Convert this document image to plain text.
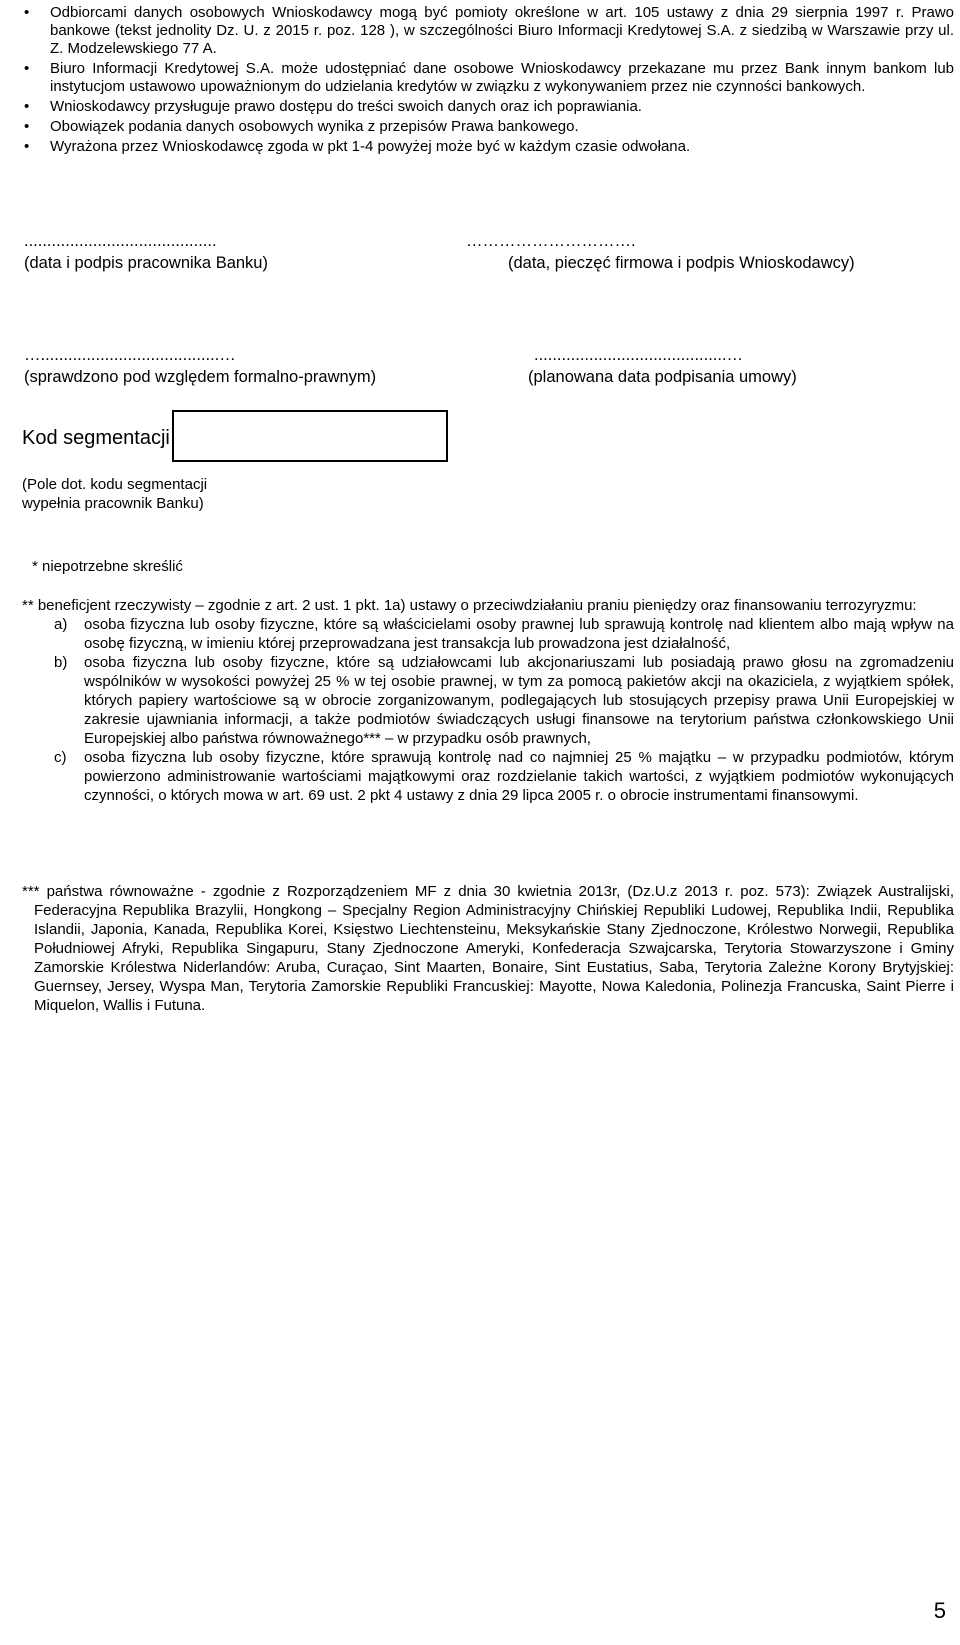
• Odbiorcami danych osobowych Wnioskodawcy mogą być pomioty określone w art. 105 ustawy z dnia 29 sierpnia 1997 r. Prawo bankowe (tekst jednolity Dz. U. z 2015 r. poz. 128 ), w szczególności Biuro Informacji Kredytowej S.A. z siedzibą w Warszawie przy ul. Z. Modzelewskiego 77 A.
• Biuro Informacji Kredytowej S.A. może udostępniać dane osobowe Wnioskodawcy przekazane mu przez Bank innym bankom lub instytucjom ustawowo upoważnionym do udzielania kredytów w związku z wykonywaniem przez nie czynności bankowych.
• Wnioskodawcy przysługuje prawo dostępu do treści swoich danych oraz ich poprawiania.
• Obowiązek podania danych osobowych wynika z przepisów Prawa bankowego.
• Wyrażona przez Wnioskodawcę zgoda w pkt 1-4 powyżej może być w każdym czasie odwołana.
..........................................
(data i podpis pracownika Banku)
………………………….
(data, pieczęć firmowa i podpis Wnioskodawcy)
….......................................…
(sprawdzono pod względem formalno-prawnym)
..........................................…
(planowana data podpisania umowy)
Kod segmentacji
(Pole dot. kodu segmentacji
wypełnia pracownik Banku)
* niepotrzebne skreślić
** beneficjent rzeczywisty – zgodnie z art. 2 ust. 1 pkt. 1a) ustawy o przeciwdziałaniu praniu pieniędzy oraz finansowaniu terrozyryzmu:
a) osoba fizyczna lub osoby fizyczne, które są właścicielami osoby prawnej lub sprawują kontrolę nad klientem albo mają wpływ na osobę fizyczną, w imieniu której przeprowadzana jest transakcja lub prowadzona jest działalność,
b) osoba fizyczna lub osoby fizyczne, które są udziałowcami lub akcjonariuszami lub posiadają prawo głosu na zgromadzeniu wspólników w wysokości powyżej 25 % w tej osobie prawnej, w tym za pomocą pakietów akcji na okaziciela, z wyjątkiem spółek, których papiery wartościowe są w obrocie zorganizowanym, podlegających lub stosujących przepisy prawa Unii Europejskiej w zakresie ujawniania informacji, a także podmiotów świadczących usługi finansowe na terytorium państwa członkowskiego Unii Europejskiej albo państwa równoważnego*** – w przypadku osób prawnych,
c) osoba fizyczna lub osoby fizyczne, które sprawują kontrolę nad co najmniej 25 % majątku – w przypadku podmiotów, którym powierzono administrowanie wartościami majątkowymi oraz rozdzielanie takich wartości, z wyjątkiem podmiotów wykonujących czynności, o których mowa w art. 69 ust. 2 pkt 4 ustawy z dnia 29 lipca 2005 r. o obrocie instrumentami finansowymi.
*** państwa równoważne - zgodnie z Rozporządzeniem MF z dnia 30 kwietnia 2013r, (Dz.U.z 2013 r. poz. 573): Związek Australijski, Federacyjna Republika Brazylii, Hongkong – Specjalny Region Administracyjny Chińskiej Republiki Ludowej, Republika Indii, Republika Islandii, Japonia, Kanada, Republika Korei, Księstwo Liechtensteinu, Meksykańskie Stany Zjednoczone, Królestwo Norwegii, Republika Południowej Afryki, Republika Singapuru, Stany Zjednoczone Ameryki, Konfederacja Szwajcarska, Terytoria Stowarzyszone i Gminy Zamorskie Królestwa Niderlandów: Aruba, Curaçao, Sint Maarten, Bonaire, Sint Eustatius, Saba, Terytoria Zależne Korony Brytyjskiej: Guernsey, Jersey, Wyspa Man, Terytoria Zamorskie Republiki Francuskiej: Mayotte, Nowa Kaledonia, Polinezja Francuska, Saint Pierre i Miquelon, Wallis i Futuna.
5
